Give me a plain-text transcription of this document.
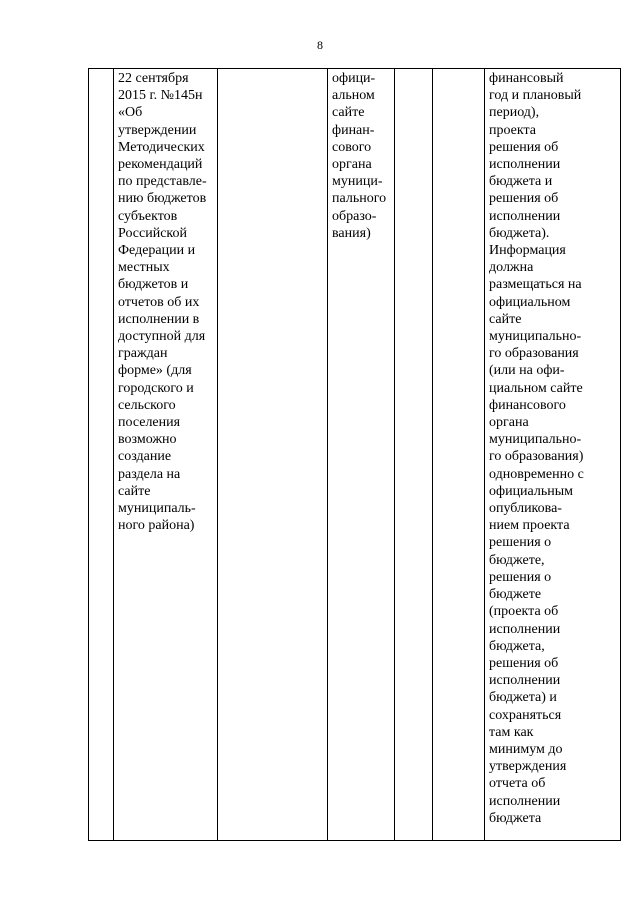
8
	22 сентября
2015 г. №145н
«Об
утверждении
Методических
рекомендаций
по представле-
нию бюджетов
субъектов
Российской
Федерации и
местных
бюджетов и
отчетов об их
исполнении в
доступной для
граждан
форме» (для
городского и
сельского
поселения
возможно
создание
раздела на
сайте
муниципаль-
ного района)		офици-
альном
сайте
финан-
сового
органа
муници-
пального
образо-
вания)			финансовый
год и плановый
период),
проекта
решения об
исполнении
бюджета и
решения об
исполнении
бюджета).
Информация
должна
размещаться на
официальном
сайте
муниципально-
го образования
(или на офи-
циальном сайте
финансового
органа
муниципально-
го образования)
одновременно с
официальным
опубликова-
нием проекта
решения о
бюджете,
решения о
бюджете
(проекта об
исполнении
бюджета,
решения об
исполнении
бюджета) и
сохраняться
там как
минимум до
утверждения
отчета об
исполнении
бюджета
